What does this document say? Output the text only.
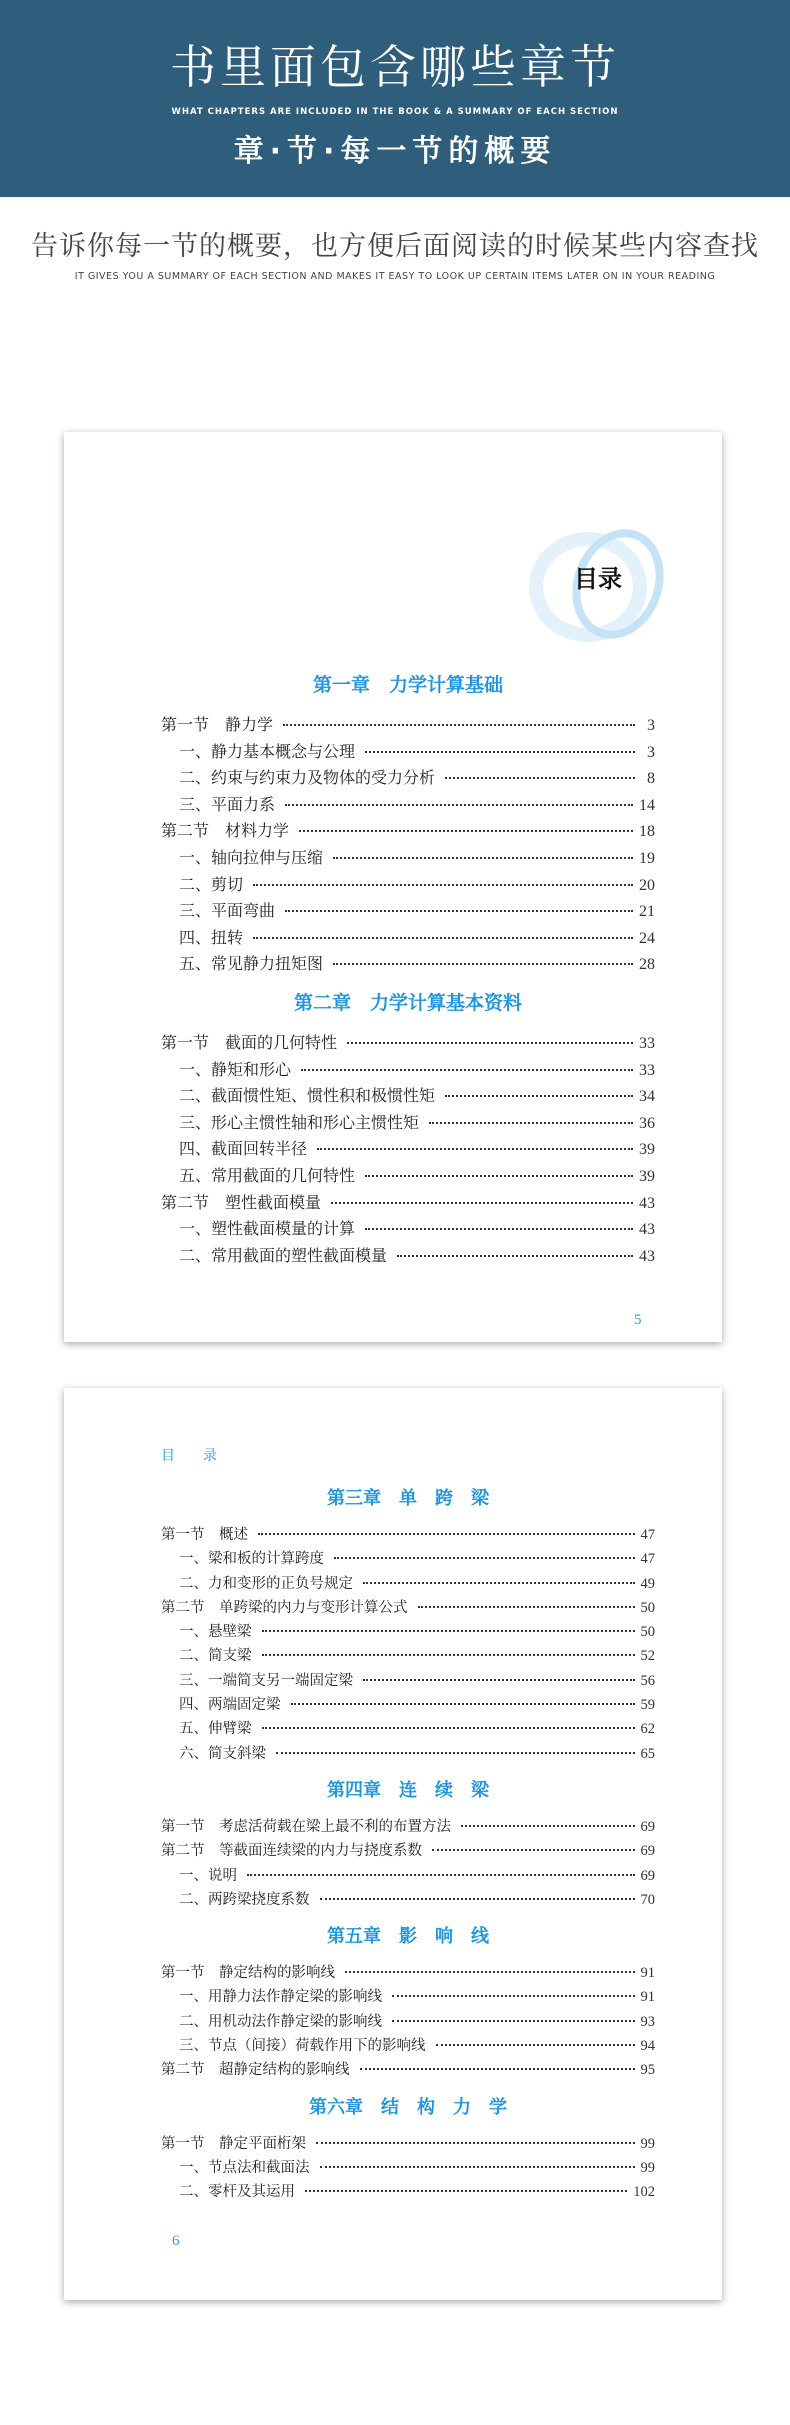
书里面包含哪些章节
WHAT CHAPTERS ARE INCLUDED IN THE BOOK & A SUMMARY OF EACH SECTION
章·节·每一节的概要
告诉你每一节的概要，也方便后面阅读的时候某些内容查找
IT GIVES YOU A SUMMARY OF EACH SECTION AND MAKES IT EASY TO LOOK UP CERTAIN ITEMS LATER ON IN YOUR READING
目录
第一章　力学计算基础
第一节　静力学	3
一、静力基本概念与公理	3
二、约束与约束力及物体的受力分析	8
三、平面力系	14
第二节　材料力学	18
一、轴向拉伸与压缩	19
二、剪切	20
三、平面弯曲	21
四、扭转	24
五、常见静力扭矩图	28
第二章　力学计算基本资料
第一节　截面的几何特性	33
一、静矩和形心	33
二、截面惯性矩、惯性积和极惯性矩	34
三、形心主惯性轴和形心主惯性矩	36
四、截面回转半径	39
五、常用截面的几何特性	39
第二节　塑性截面模量	43
一、塑性截面模量的计算	43
二、常用截面的塑性截面模量	43
5
目　　录
第三章　单　跨　梁
第一节　概述	47
一、梁和板的计算跨度	47
二、力和变形的正负号规定	49
第二节　单跨梁的内力与变形计算公式	50
一、悬壁梁	50
二、简支梁	52
三、一端简支另一端固定梁	56
四、两端固定梁	59
五、伸臂梁	62
六、简支斜梁	65
第四章　连　续　梁
第一节　考虑活荷载在梁上最不利的布置方法	69
第二节　等截面连续梁的内力与挠度系数	69
一、说明	69
二、两跨梁挠度系数	70
第五章　影　响　线
第一节　静定结构的影响线	91
一、用静力法作静定梁的影响线	91
二、用机动法作静定梁的影响线	93
三、节点（间接）荷载作用下的影响线	94
第二节　超静定结构的影响线	95
第六章　结　构　力　学
第一节　静定平面桁架	99
一、节点法和截面法	99
二、零杆及其运用	102
6
